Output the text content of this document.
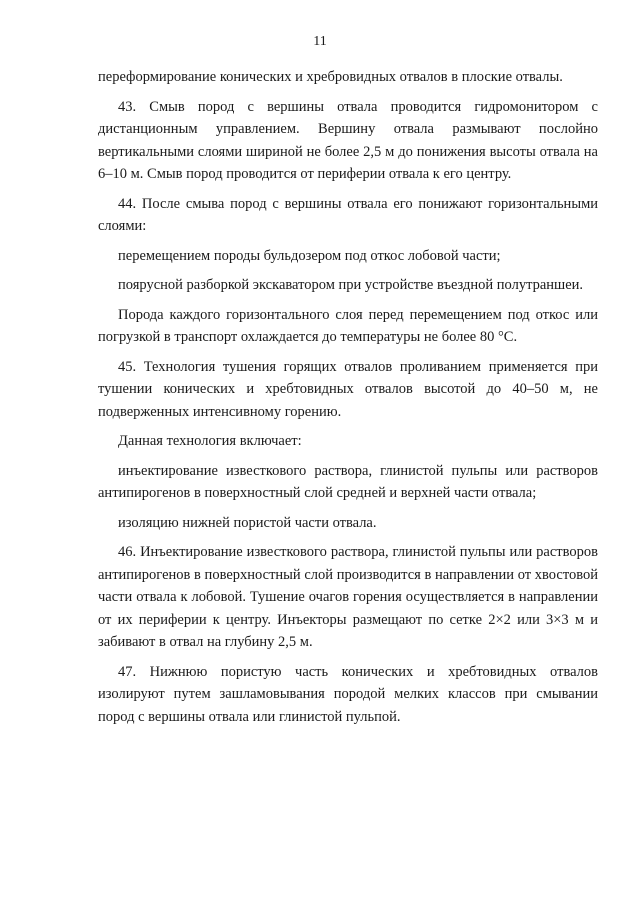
11

переформирование конических и хребровидных отвалов в плоские отвалы.

43. Смыв пород с вершины отвала проводится гидромонитором с дистанционным управлением. Вершину отвала размывают послойно вертикальными слоями шириной не более 2,5 м до понижения высоты отвала на 6–10 м. Смыв пород проводится от периферии отвала к его центру.

44. После смыва пород с вершины отвала его понижают горизонтальными слоями:

перемещением породы бульдозером под откос лобовой части;

поярусной разборкой экскаватором при устройстве въездной полутраншеи.

Порода каждого горизонтального слоя перед перемещением под откос или погрузкой в транспорт охлаждается до температуры не более 80 °С.

45. Технология тушения горящих отвалов проливанием применяется при тушении конических и хребтовидных отвалов высотой до 40–50 м, не подверженных интенсивному горению.

Данная технология включает:

инъектирование известкового раствора, глинистой пульпы или растворов антипирогенов в поверхностный слой средней и верхней части отвала;

изоляцию нижней пористой части отвала.

46. Инъектирование известкового раствора, глинистой пульпы или растворов антипирогенов в поверхностный слой производится в направлении от хвостовой части отвала к лобовой. Тушение очагов горения осуществляется в направлении от их периферии к центру. Инъекторы размещают по сетке 2×2 или 3×3 м и забивают в отвал на глубину 2,5 м.

47. Нижнюю пористую часть конических и хребтовидных отвалов изолируют путем зашламовывания породой мелких классов при смывании пород с вершины отвала или глинистой пульпой.
